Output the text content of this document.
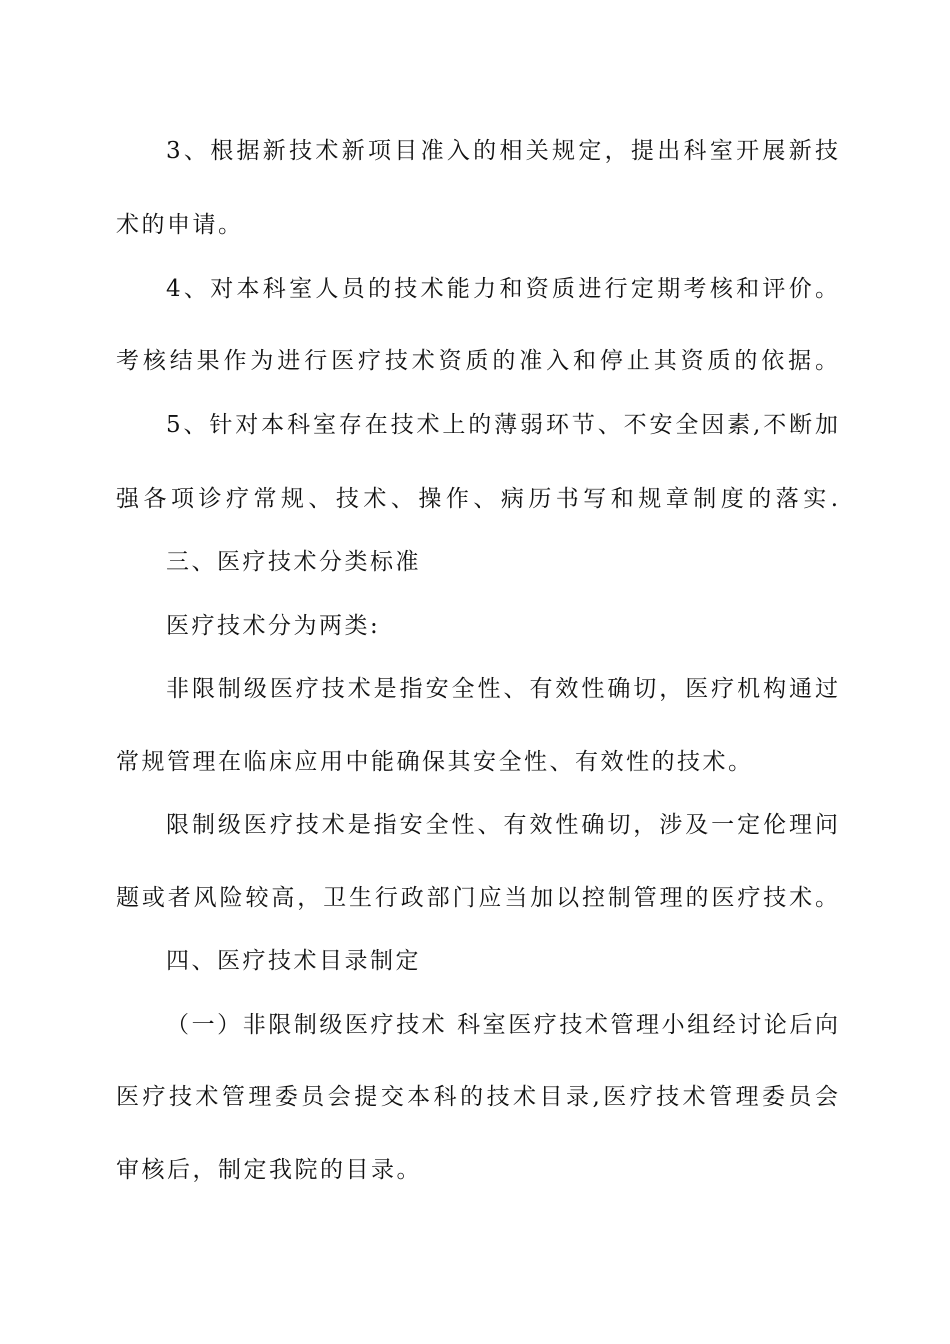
3、根据新技术新项目准入的相关规定，提出科室开展新技
术的申请。
4、对本科室人员的技术能力和资质进行定期考核和评价。
考核结果作为进行医疗技术资质的准入和停止其资质的依据。
5、针对本科室存在技术上的薄弱环节、不安全因素,不断加
强各项诊疗常规、技术、操作、病历书写和规章制度的落实.
三、医疗技术分类标准
医疗技术分为两类:
非限制级医疗技术是指安全性、有效性确切，医疗机构通过
常规管理在临床应用中能确保其安全性、有效性的技术。
限制级医疗技术是指安全性、有效性确切，涉及一定伦理问
题或者风险较高，卫生行政部门应当加以控制管理的医疗技术。
四、医疗技术目录制定
（一）非限制级医疗技术 科室医疗技术管理小组经讨论后向
医疗技术管理委员会提交本科的技术目录,医疗技术管理委员会
审核后，制定我院的目录。
